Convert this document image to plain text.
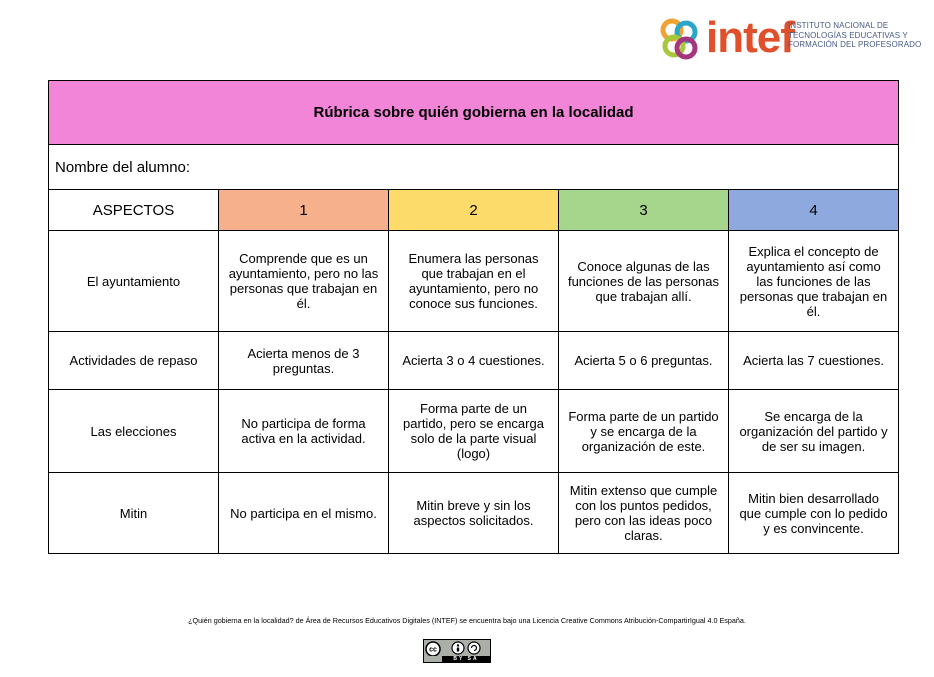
intef
INSTITUTO NACIONAL DE
TECNOLOGÍAS EDUCATIVAS Y
FORMACIÓN DEL PROFESORADO
Rúbrica sobre quién gobierna en la localidad				
Nombre del alumno:				
ASPECTOS	1	2	3	4
El ayuntamiento	Comprende que es un ayuntamiento, pero no las personas que trabajan en él.	Enumera las personas que trabajan en el ayuntamiento, pero no conoce sus funciones.	Conoce algunas de las funciones de las personas que trabajan allí.	Explica el concepto de ayuntamiento así como las funciones de las personas que trabajan en él.
Actividades de repaso	Acierta menos de 3 preguntas.	Acierta 3 o 4 cuestiones.	Acierta 5 o 6 preguntas.	Acierta las 7 cuestiones.
Las elecciones	No participa de forma activa en la actividad.	Forma parte de un partido, pero se encarga solo de la parte visual (logo)	Forma parte de un partido y se encarga de la organización de este.	Se encarga de la organización del partido y de ser su imagen.
Mitin	No participa en el mismo.	Mitin breve y sin los aspectos solicitados.	Mitin extenso que cumple con los puntos pedidos, pero con las ideas poco claras.	Mitin bien desarrollado que cumple con lo pedido y es convincente.
¿Quién gobierna en la localidad? de Área de Recursos Educativos Digitales (INTEF) se encuentra bajo una Licencia Creative Commons Atribución-CompartirIgual 4.0 España.
cc
BY SA
